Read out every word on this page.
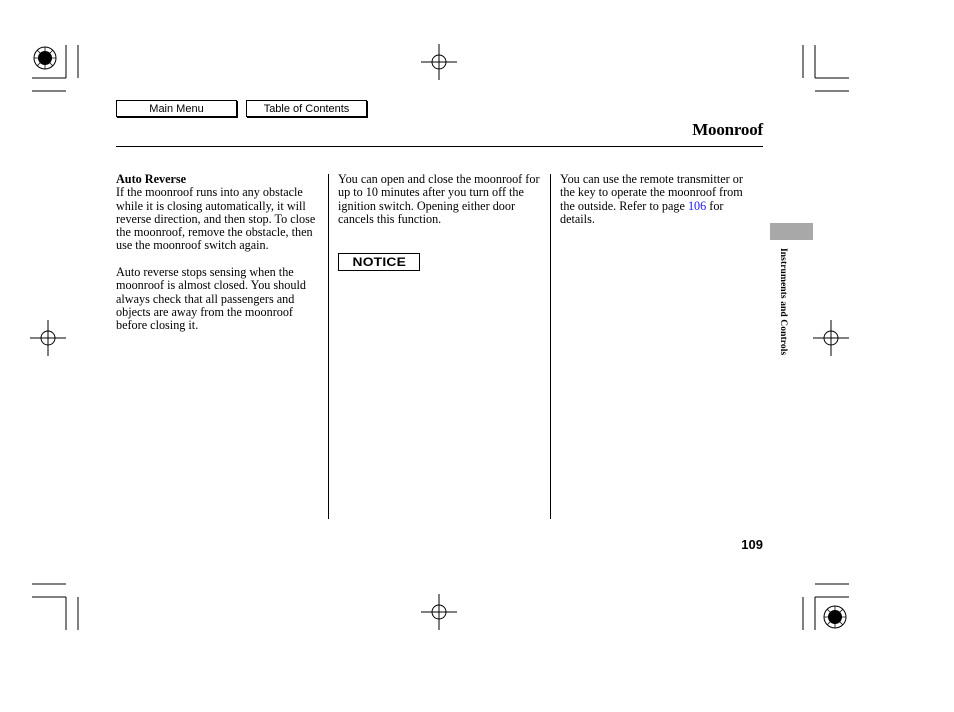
Main Menu	Table of Contents
Moonroof

Auto Reverse

If the moonroof runs into any obstacle while it is closing automatically, it will reverse direction, and then stop. To close the moonroof, remove the obstacle, then use the moonroof switch again.

Auto reverse stops sensing when the moonroof is almost closed. You should always check that all passengers and objects are away from the moonroof before closing it.

You can open and close the moonroof for up to 10 minutes after you turn off the ignition switch. Opening either door cancels this function.

NOTICE

You can use the remote transmitter or the key to operate the moonroof from the outside. Refer to page 106 for details.

Instruments and Controls
109
